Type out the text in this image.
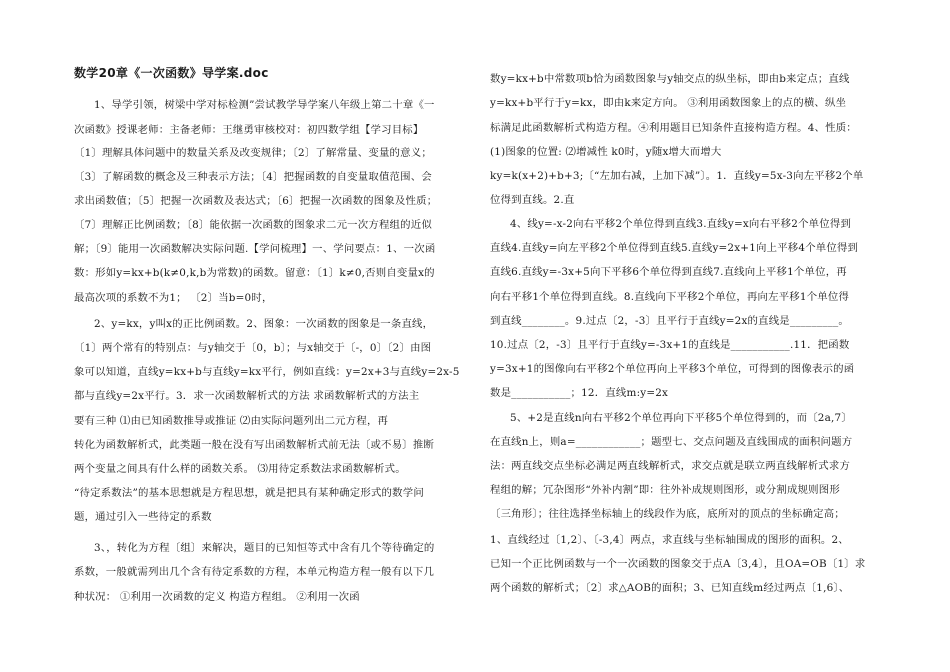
数学20章《一次函数》导学案.doc
1、导学引领，树梁中学对标检测”尝试教学导学案八年级上第二十章《一
次函数》授课老师：主备老师：王继勇审核校对：初四数学组【学习目标】
〔1〕理解具体问题中的数量关系及改变规律；〔2〕了解常量、变量的意义；
〔3〕了解函数的概念及三种表示方法；〔4〕把握函数的自变量取值范围、会
求出函数值；〔5〕把握一次函数及表达式；〔6〕把握一次函数的图象及性质；
〔7〕理解正比例函数；〔8〕能依据一次函数的图象求二元一次方程组的近似
解；〔9〕能用一次函数解决实际问题.【学问梳理】一、学问要点：1、一次函
数：形如y=kx+b(k≠0,k,b为常数)的函数。留意：〔1〕k≠0,否则自变量x的
最高次项的系数不为1； 〔2〕当b=0时，
2、y=kx，y叫x的正比例函数。2、图象：一次函数的图象是一条直线，
〔1〕两个常有的特别点：与y轴交于〔0，b〕；与x轴交于〔-，0〕〔2〕由图
象可以知道，直线y=kx+b与直线y=kx平行，例如直线：y=2x+3与直线y=2x-5
都与直线y=2x平行。3．求一次函数解析式的方法 求函数解析式的方法主
要有三种 ⑴由已知函数推导或推证 ⑵由实际问题列出二元方程，再
转化为函数解析式，此类题一般在没有写出函数解析式前无法〔或不易〕推断
两个变量之间具有什么样的函数关系。 ⑶用待定系数法求函数解析式。
“待定系数法”的基本思想就是方程思想，就是把具有某种确定形式的数学问
题，通过引入一些待定的系数
3、，转化为方程〔组〕来解决，题目的已知恒等式中含有几个等待确定的
系数，一般就需列出几个含有待定系数的方程，本单元构造方程一般有以下几
种状况： ①利用一次函数的定义 构造方程组。 ②利用一次函
数y=kx+b中常数项b恰为函数图象与y轴交点的纵坐标，即由b来定点；直线
y=kx+b平行于y=kx，即由k来定方向。 ③利用函数图象上的点的横、纵坐
标满足此函数解析式构造方程。④利用题目已知条件直接构造方程。4、性质：
(1)图象的位置: ⑵增减性 k0时，y随x增大而增大
ky=k(x+2)+b+3;〔“左加右减，上加下减”〕。1．直线y=5x-3向左平移2个单
位得到直线。2.直
4、线y=-x-2向右平移2个单位得到直线3.直线y=x向右平移2个单位得到
直线4.直线y=向左平移2个单位得到直线5.直线y=2x+1向上平移4个单位得到
直线6.直线y=-3x+5向下平移6个单位得到直线7.直线向上平移1个单位，再
向右平移1个单位得到直线。8.直线向下平移2个单位，再向左平移1个单位得
到直线________。9.过点〔2，-3〕且平行于直线y=2x的直线是_________。
10.过点〔2，-3〕且平行于直线y=-3x+1的直线是___________.11．把函数
y=3x+1的图像向右平移2个单位再向上平移3个单位，可得到的图像表示的函
数是___________；12．直线m:y=2x
5、+2是直线n向右平移2个单位再向下平移5个单位得到的，而〔2a,7〕
在直线n上，则a=____________；题型七、交点问题及直线围成的面积问题方
法：两直线交点坐标必满足两直线解析式，求交点就是联立两直线解析式求方
程组的解；冗杂图形“外补内割”即：往外补成规则图形，或分割成规则图形
〔三角形〕；往往选择坐标轴上的线段作为底，底所对的顶点的坐标确定高；
1、直线经过〔1,2〕、〔-3,4〕两点，求直线与坐标轴围成的图形的面积。2、
已知一个正比例函数与一个一次函数的图象交于点A〔3,4〕，且OA=OB〔1〕求
两个函数的解析式；〔2〕求△AOB的面积；3、已知直线m经过两点〔1,6〕、
